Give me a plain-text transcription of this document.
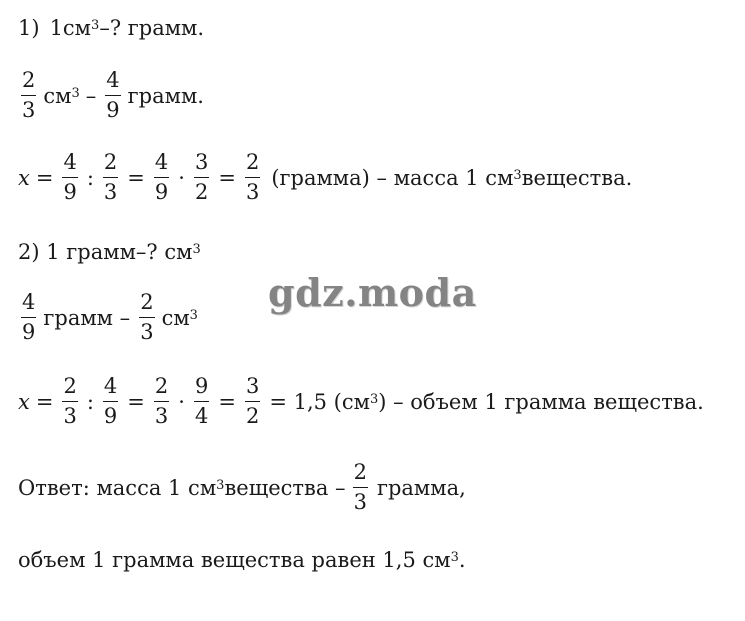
gdz.moda
1) $1см^3$ –? грамм.
$\frac{2}{3} см^3 - \frac{4}{9}$ грамм.
$x = \frac{4}{9}$ : $\frac{2}{3} = \frac{4}{9} \cdot \frac{3}{2} = \frac{2}{3}$ (грамма) – масса 1 $см^3$ вещества.
2) 1 грамм–? $см^3$
$\frac{4}{9}$ грамм – $\frac{2}{3} см^3$
$x = \frac{2}{3}$ : $\frac{4}{9} = \frac{2}{3} \cdot \frac{9}{4} = \frac{3}{2} = 1,5$ ($см^3$ ) – объем 1 грамма вещества.
Ответ: масса 1 $см^3$ вещества – $\frac{2}{3}$ грамма,
объем 1 грамма вещества равен 1,5 $см^3$ .
